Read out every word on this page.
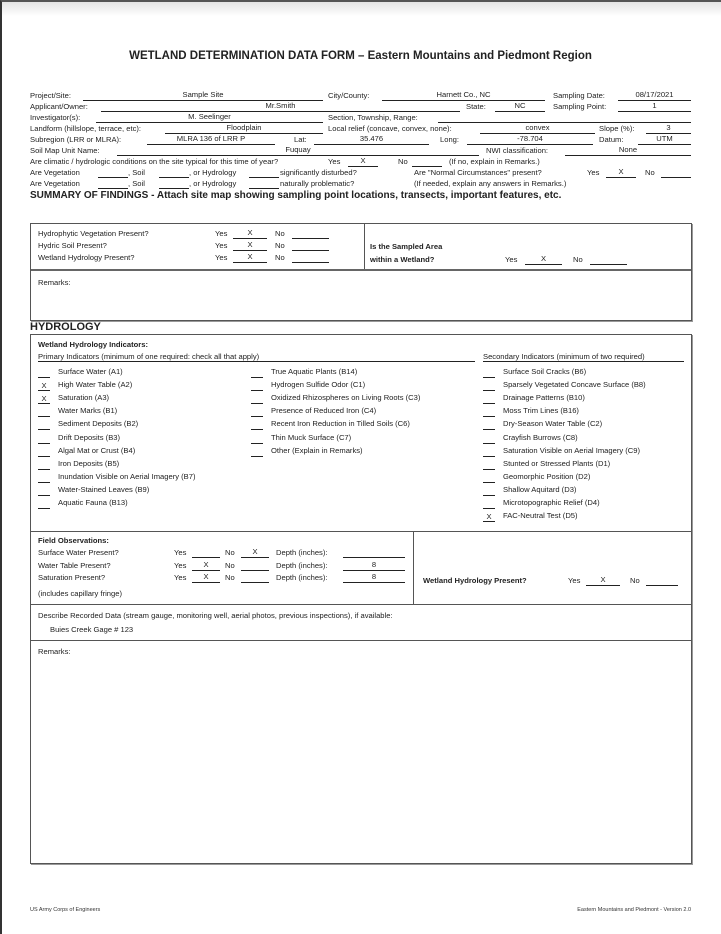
WETLAND DETERMINATION DATA FORM – Eastern Mountains and Piedmont Region
Project/Site:	Sample Site	City/County:	Harnett Co., NC	Sampling Date:	08/17/2021
Applicant/Owner:	Mr.Smith	State:	NC	Sampling Point:	1
Investigator(s):	M. Seelinger	Section, Township, Range:
Landform (hillslope, terrace, etc):	Floodplain	Local relief (concave, convex, none):	convex	Slope (%):	3
Subregion (LRR or MLRA):	MLRA 136 of LRR P	Lat:	35.476	Long:	-78.704	Datum:	UTM
Soil Map Unit Name:	Fuquay	NWI classification:	None
Are climatic / hydrologic conditions on the site typical for this time of year?	Yes	X	No	(If no, explain in Remarks.)
Are Vegetation	, Soil	, or Hydrology	significantly disturbed?	Are "Normal Circumstances" present?	Yes	X	No
Are Vegetation	, Soil	, or Hydrology	naturally problematic?	(If needed, explain any answers in Remarks.)
SUMMARY OF FINDINGS - Attach site map showing sampling point locations, transects, important features, etc.
Hydrophytic Vegetation Present?	Yes	X	No
Hydric Soil Present?	Yes	X	No
Wetland Hydrology Present?	Yes	X	No
Is the Sampled Area
within a Wetland?	Yes	X	No
Remarks:
HYDROLOGY
Wetland Hydrology Indicators:
Primary Indicators (minimum of one required: check all that apply)	Secondary Indicators (minimum of two required)
Surface Water (A1)
X	High Water Table (A2)
X	Saturation (A3)
Water Marks (B1)
Sediment Deposits (B2)
Drift Deposits (B3)
Algal Mat or Crust (B4)
Iron Deposits (B5)
Inundation Visible on Aerial Imagery (B7)
Water-Stained Leaves (B9)
Aquatic Fauna (B13)
True Aquatic Plants (B14)
Hydrogen Sulfide Odor (C1)
Oxidized Rhizospheres on Living Roots (C3)
Presence of Reduced Iron (C4)
Recent Iron Reduction in Tilled Soils (C6)
Thin Muck Surface (C7)
Other (Explain in Remarks)
Surface Soil Cracks (B6)
Sparsely Vegetated Concave Surface (B8)
Drainage Patterns (B10)
Moss Trim Lines (B16)
Dry-Season Water Table (C2)
Crayfish Burrows (C8)
Saturation Visible on Aerial Imagery (C9)
Stunted or Stressed Plants (D1)
Geomorphic Position (D2)
Shallow Aquitard (D3)
Microtopographic Relief (D4)
X	FAC-Neutral Test (D5)
Field Observations:
Surface Water Present?	Yes	No	X	Depth (inches):
Water Table Present?	Yes	X	No	Depth (inches):	8
Saturation Present?	Yes	X	No	Depth (inches):	8
(includes capillary fringe)
Wetland Hydrology Present?	Yes	X	No
Describe Recorded Data (stream gauge, monitoring well, aerial photos, previous inspections), if available:
Buies Creek Gage # 123
Remarks:
US Army Corps of Engineers	Eastern Mountains and Piedmont - Version 2.0
